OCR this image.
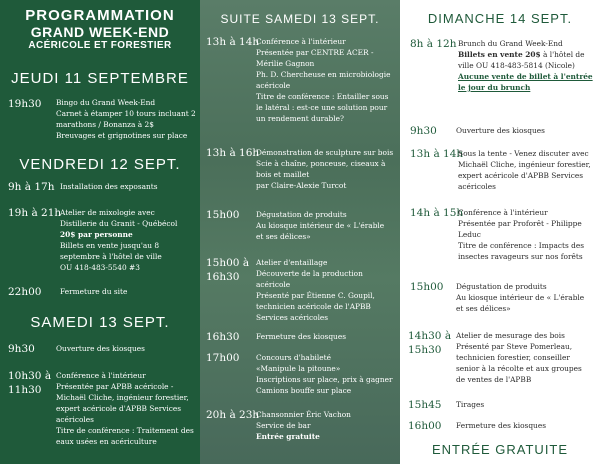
PROGRAMMATION
GRAND WEEK-END
ACÉRICOLE ET FORESTIER
JEUDI 11 SEPTEMBRE
19h30 Bingo du Grand Week-End
Carnet à étamper 10 tours incluant 2
marathons / Bonanza à 2$
Breuvages et grignotines sur place
VENDREDI 12 SEPT.
9h à 17h Installation des exposants
19h à 21h
Atelier de mixologie avec
Distillerie du Granit - Québécol
20$ par personne
Billets en vente jusqu'au 8
septembre à l'hôtel de ville
OU 418-483-5540 #3
22h00	Fermeture du site
SAMEDI 13 SEPT.
9h30	Ouverture des kiosques
10h30 à
11h30
Conférence à l'intérieur
Présentée par APBB acéricole -
Michaël Cliche, ingénieur forestier,
expert acéricole d'APBB Services
acéricoles
Titre de conférence : Traitement des
eaux usées en acériculture
SUITE SAMEDI 13 SEPT.
13h à 14h
Conférence à l'intérieur
Présentée par CENTRE ACER -
Mérilie Gagnon
Ph. D. Chercheuse en microbiologie
acéricole
Titre de conférence : Entailler sous
le latéral : est-ce une solution pour
un rendement durable?
13h à 16h
Démonstration de sculpture sur bois
Scie à chaîne, ponceuse, ciseaux à
bois et maillet
par Claire-Alexie Turcot
15h00 Dégustation de produits
Au kiosque intérieur de « L'érable
et ses délices»
15h00 à
16h30
Atelier d'entaillage
Découverte de la production
acéricole
Présenté par Étienne C. Goupil,
technicien acéricole de l'APBB
Services acéricoles
16h30 Fermeture des kiosques
17h00 Concours d'habileté
«Manipule la pitoune»
Inscriptions sur place, prix à gagner
Camions bouffe sur place
20h à 23h
Chansonnier Éric Vachon
Service de bar
Entrée gratuite
DIMANCHE 14 SEPT.
8h à 12h Brunch du Grand Week-End
Billets en vente 20$ à l'hôtel de
ville OU 418-483-5814 (Nicole)
Aucune vente de billet à l'entrée
le jour du brunch
9h30	Ouverture des kiosques
13h à 14h
Sous la tente - Venez discuter avec
Michaël Cliche, ingénieur forestier,
expert acéricole d'APBB Services
acéricoles
14h à 15h
Conférence à l'intérieur
Présentée par Proforêt - Philippe
Leduc
Titre de conférence : Impacts des
insectes ravageurs sur nos forêts
15h00 Dégustation de produits
Au kiosque intérieur de « L'érable
et ses délices»
14h30 à
15h30
Atelier de mesurage des bois
Présenté par Steve Pomerleau,
technicien forestier, conseiller
senior à la récolte et aux groupes
de ventes de l'APBB
15h45 Tirages
16h00 Fermeture des kiosques
ENTRÉE GRATUITE
